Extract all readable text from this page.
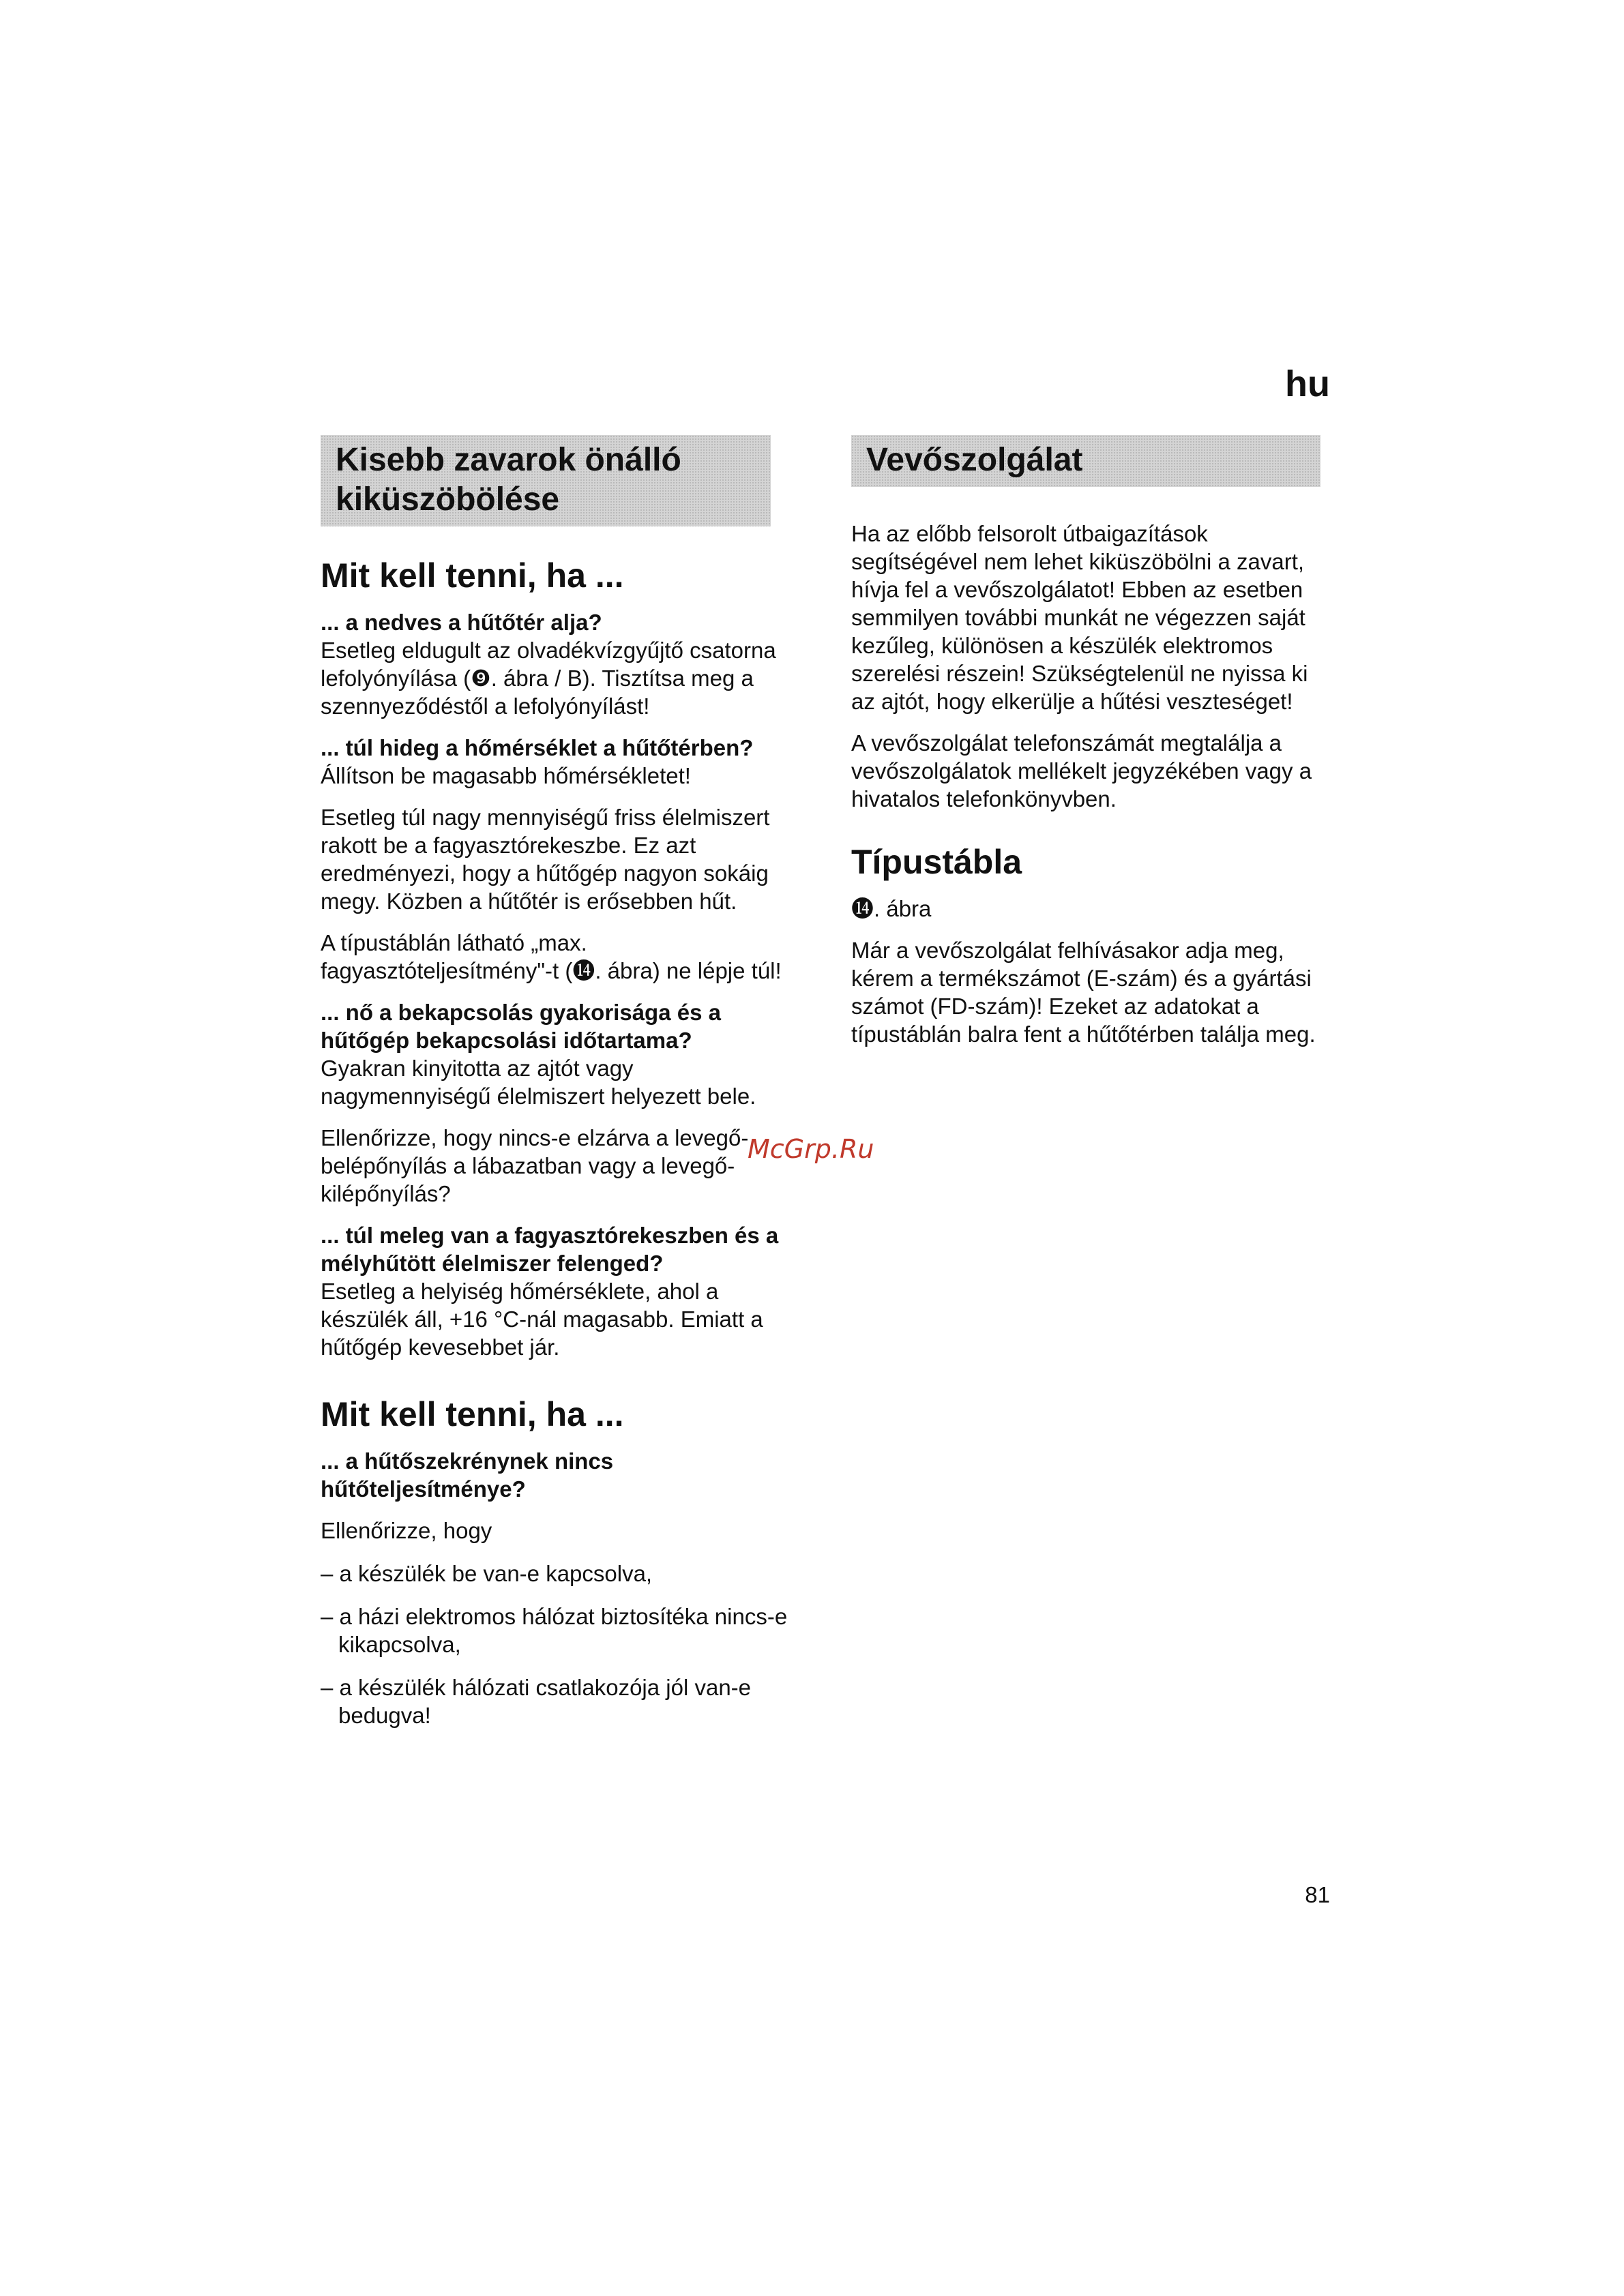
hu
Kisebb zavarok önálló
kiküszöbölése
Mit kell tenni, ha ...
... a nedves a hűtőtér alja?
Esetleg eldugult az olvadékvízgyűjtő csatorna lefolyónyílása (❾. ábra / B). Tisztítsa meg a szennyeződéstől a lefolyónyílást!
... túl hideg a hőmérséklet a hűtőtérben?
Állítson be magasabb hőmérsékletet!
Esetleg túl nagy mennyiségű friss élelmiszert rakott be a fagyasztórekeszbe. Ez azt eredményezi, hogy a hűtőgép nagyon sokáig megy. Közben a hűtőtér is erősebben hűt.
A típustáblán látható „max. fagyasztóteljesítmény"-t (⓮. ábra) ne lépje túl!
... nő a bekapcsolás gyakorisága és a hűtőgép bekapcsolási időtartama?
Gyakran kinyitotta az ajtót vagy nagymennyiségű élelmiszert helyezett bele.
Ellenőrizze, hogy nincs-e elzárva a levegő-belépőnyílás a lábazatban vagy a levegő-kilépőnyílás?
... túl meleg van a fagyasztórekeszben és a mélyhűtött élelmiszer felenged?
Esetleg a helyiség hőmérséklete, ahol a készülék áll, +16 °C-nál magasabb. Emiatt a hűtőgép kevesebbet jár.
Mit kell tenni, ha ...
... a hűtőszekrénynek nincs hűtőteljesítménye?
Ellenőrizze, hogy
– a készülék be van-e kapcsolva,
– a házi elektromos hálózat biztosítéka nincs-e kikapcsolva,
– a készülék hálózati csatlakozója jól van-e bedugva!
Vevőszolgálat
Ha az előbb felsorolt útbaigazítások segítségével nem lehet kiküszöbölni a zavart, hívja fel a vevőszolgálatot! Ebben az esetben semmilyen további munkát ne végezzen saját kezűleg, különösen a készülék elektromos szerelési részein! Szükségtelenül ne nyissa ki az ajtót, hogy elkerülje a hűtési veszteséget!
A vevőszolgálat telefonszámát megtalálja a vevőszolgálatok mellékelt jegyzékében vagy a hivatalos telefonkönyvben.
Típustábla
⓮. ábra
Már a vevőszolgálat felhívásakor adja meg, kérem a termékszámot (E-szám) és a gyártási számot (FD-szám)! Ezeket az adatokat a típustáblán balra fent a hűtőtérben találja meg.
McGrp.Ru
81
